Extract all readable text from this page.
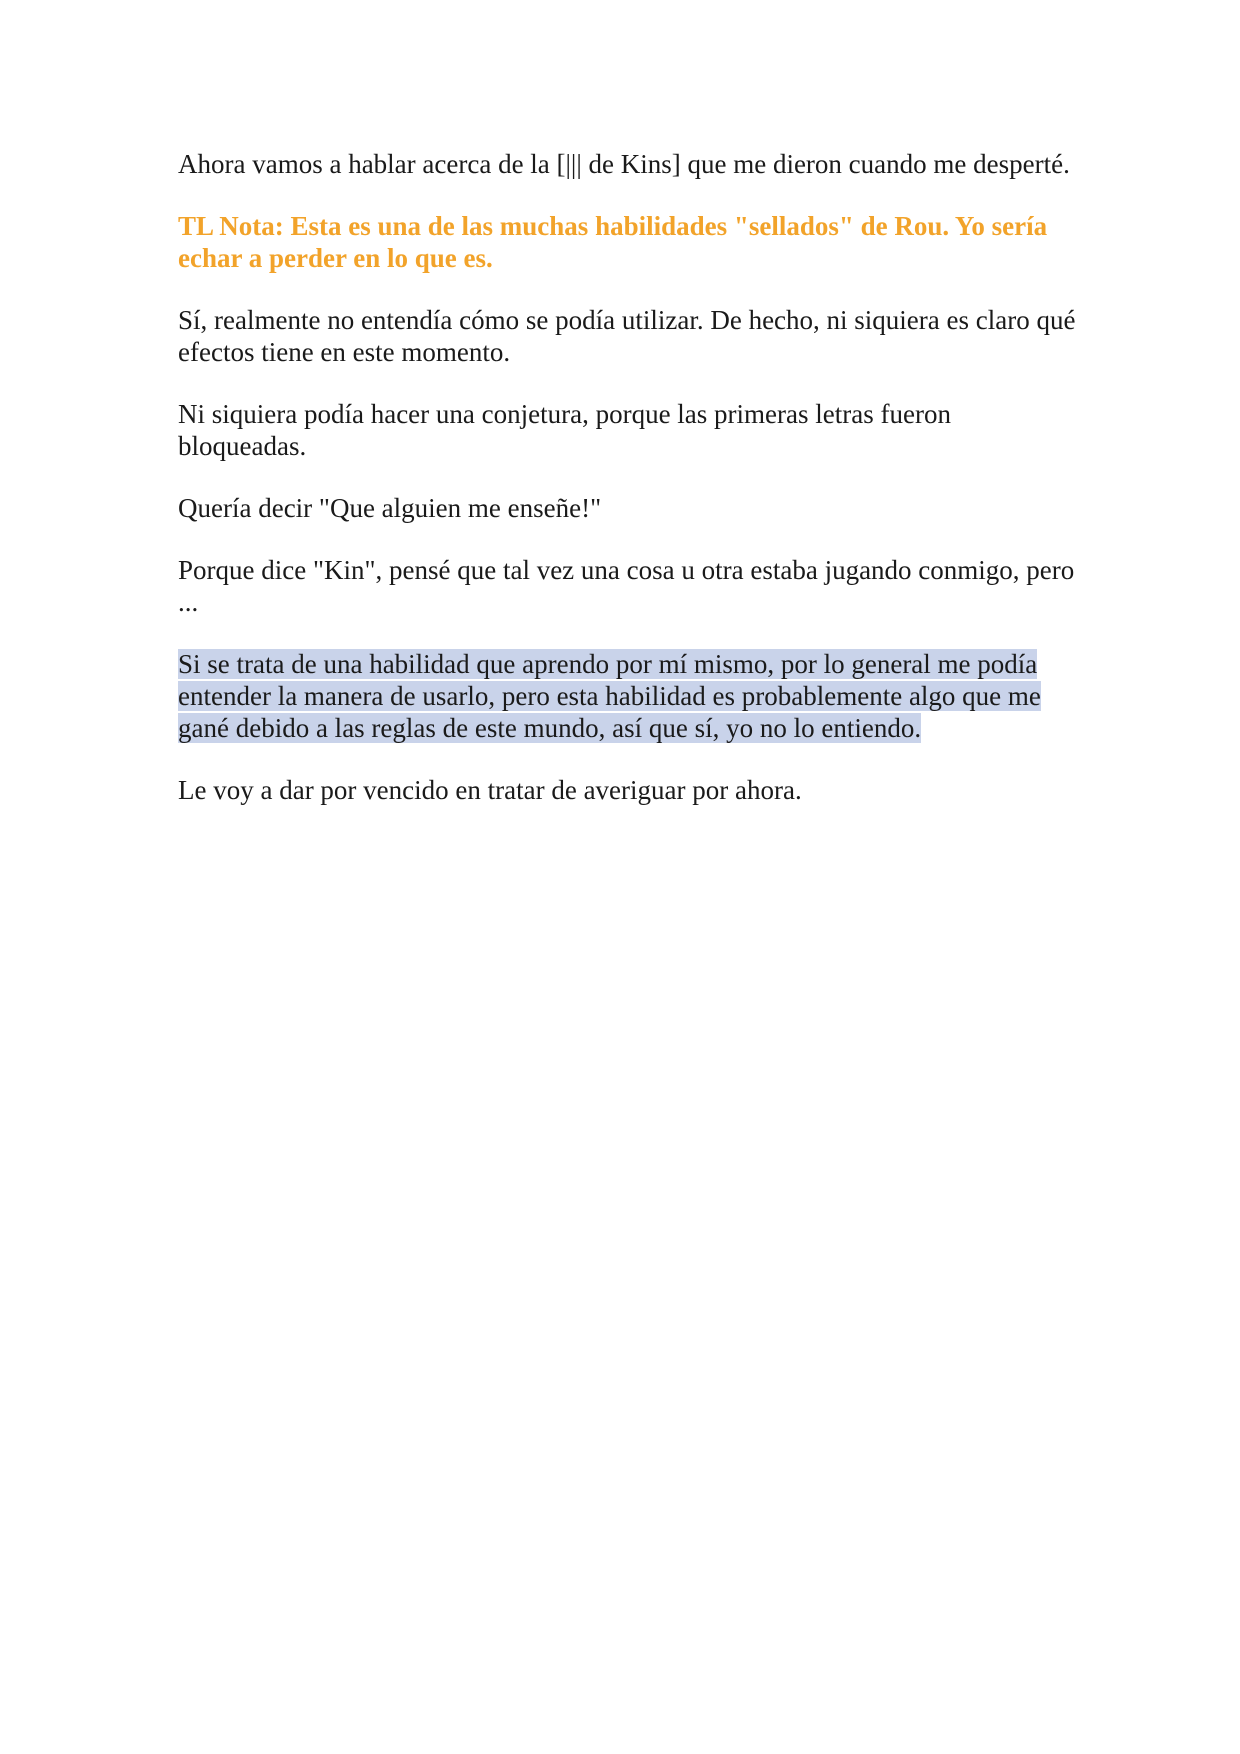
Ahora vamos a hablar acerca de la [||| de Kins] que me dieron cuando me desperté.

TL Nota: Esta es una de las muchas habilidades "sellados" de Rou. Yo sería echar a perder en lo que es.

Sí, realmente no entendía cómo se podía utilizar. De hecho, ni siquiera es claro qué efectos tiene en este momento.

Ni siquiera podía hacer una conjetura, porque las primeras letras fueron bloqueadas.

Quería decir "Que alguien me enseñe!"

Porque dice "Kin", pensé que tal vez una cosa u otra estaba jugando conmigo, pero ...

Si se trata de una habilidad que aprendo por mí mismo, por lo general me podía entender la manera de usarlo, pero esta habilidad es probablemente algo que me gané debido a las reglas de este mundo, así que sí, yo no lo entiendo.

Le voy a dar por vencido en tratar de averiguar por ahora.
